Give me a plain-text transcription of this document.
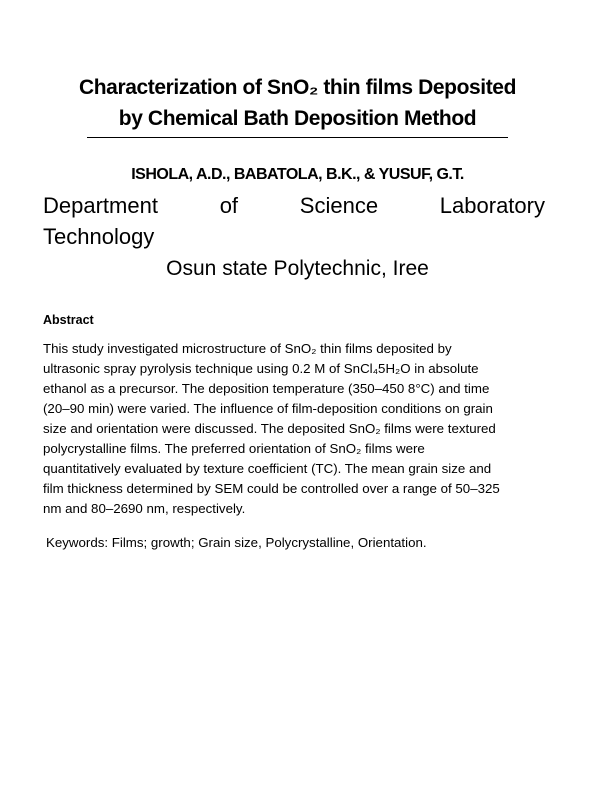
Characterization of SnO₂ thin films Deposited
by Chemical Bath Deposition Method
ISHOLA, A.D., BABATOLA, B.K., & YUSUF, G.T.
Department	of	Science	Laboratory
Technology
Osun state Polytechnic, Iree
Abstract
This study investigated microstructure of SnO₂ thin films deposited by
ultrasonic spray pyrolysis technique using 0.2 M of SnCl₄5H₂O in absolute
ethanol as a precursor. The deposition temperature (350–450 8°C) and time
(20–90 min) were varied. The influence of film-deposition conditions on grain
size and orientation were discussed. The deposited SnO₂ films were textured
polycrystalline films. The preferred orientation of SnO₂ films were
quantitatively evaluated by texture coefficient (TC). The mean grain size and
film thickness determined by SEM could be controlled over a range of 50–325
nm and 80–2690 nm, respectively.
Keywords: Films; growth; Grain size, Polycrystalline, Orientation.
